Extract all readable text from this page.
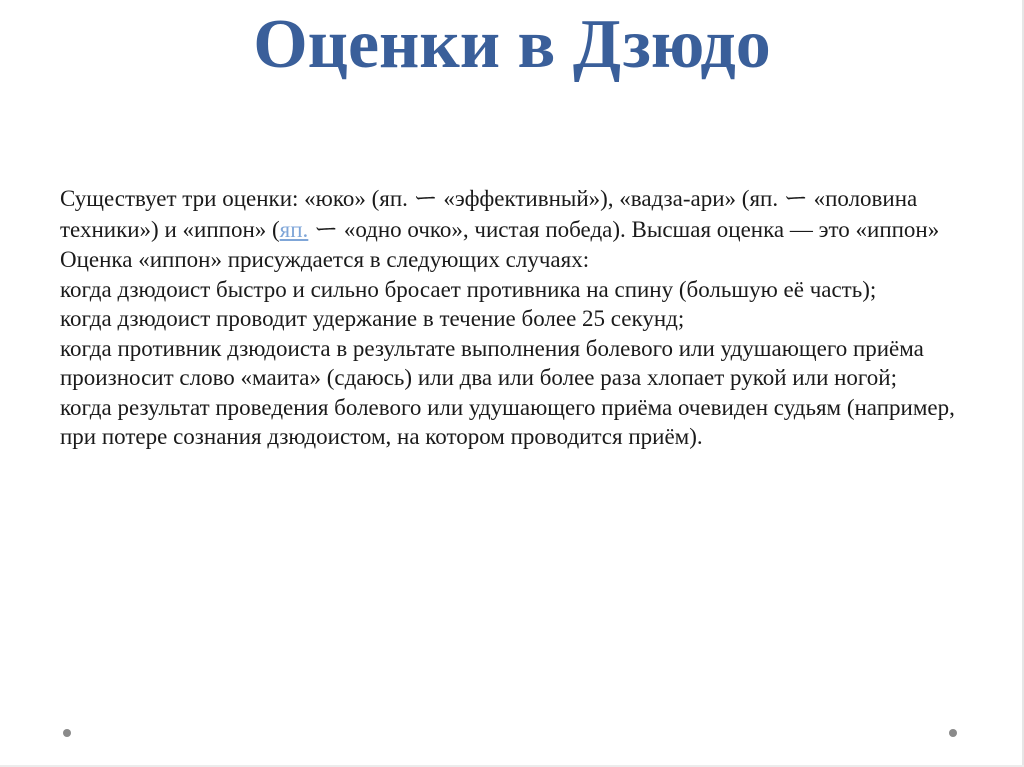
Оценки в Дзюдо

Существует три оценки: «юко» (яп. ー «эффективный»), «вадза-ари» (яп. ー «половина техники») и «иппон» (яп. ー «одно очко», чистая победа). Высшая оценка — это «иппон» Оценка «иппон» присуждается в следующих случаях:

когда дзюдоист быстро и сильно бросает противника на спину (большую её часть);

когда дзюдоист проводит удержание в течение более 25 секунд;

когда противник дзюдоиста в результате выполнения болевого или удушающего приёма произносит слово «маита» (сдаюсь) или два или более раза хлопает рукой или ногой;

когда результат проведения болевого или удушающего приёма очевиден судьям (например, при потере сознания дзюдоистом, на котором проводится приём).
